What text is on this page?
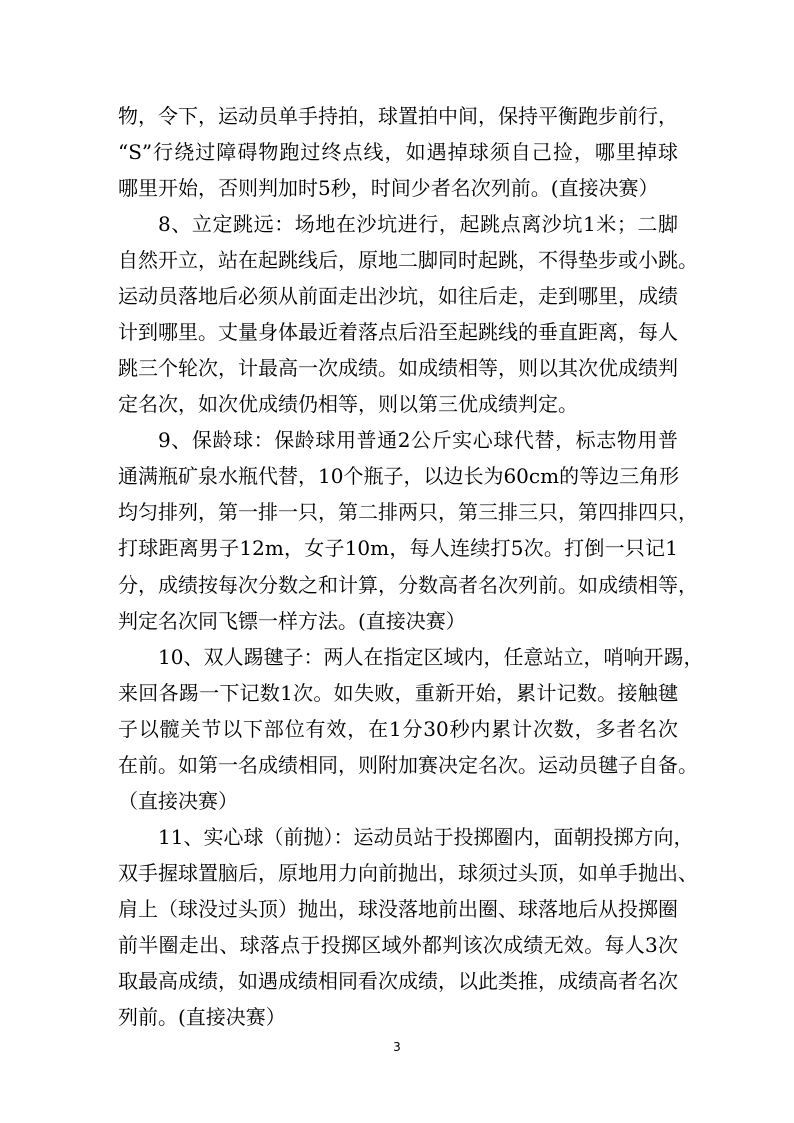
物，令下，运动员单手持拍，球置拍中间，保持平衡跑步前行，
“S”行绕过障碍物跑过终点线，如遇掉球须自己捡，哪里掉球
哪里开始，否则判加时5秒，时间少者名次列前。(直接决赛）
8、立定跳远：场地在沙坑进行，起跳点离沙坑1米；二脚
自然开立，站在起跳线后，原地二脚同时起跳，不得垫步或小跳。
运动员落地后必须从前面走出沙坑，如往后走，走到哪里，成绩
计到哪里。丈量身体最近着落点后沿至起跳线的垂直距离，每人
跳三个轮次，计最高一次成绩。如成绩相等，则以其次优成绩判
定名次，如次优成绩仍相等，则以第三优成绩判定。
9、保龄球：保龄球用普通2公斤实心球代替，标志物用普
通满瓶矿泉水瓶代替，10个瓶子，以边长为60cm的等边三角形
均匀排列，第一排一只，第二排两只，第三排三只，第四排四只，
打球距离男子12m，女子10m，每人连续打5次。打倒一只记1
分，成绩按每次分数之和计算，分数高者名次列前。如成绩相等，
判定名次同飞镖一样方法。(直接决赛）
10、双人踢毽子：两人在指定区域内，任意站立，哨响开踢，
来回各踢一下记数1次。如失败，重新开始，累计记数。接触毽
子以髋关节以下部位有效，在1分30秒内累计次数，多者名次
在前。如第一名成绩相同，则附加赛决定名次。运动员毽子自备。
（直接决赛）
11、实心球（前抛）：运动员站于投掷圈内，面朝投掷方向，
双手握球置脑后，原地用力向前抛出，球须过头顶，如单手抛出、
肩上（球没过头顶）抛出，球没落地前出圈、球落地后从投掷圈
前半圈走出、球落点于投掷区域外都判该次成绩无效。每人3次
取最高成绩，如遇成绩相同看次成绩，以此类推，成绩高者名次
列前。(直接决赛）
3
